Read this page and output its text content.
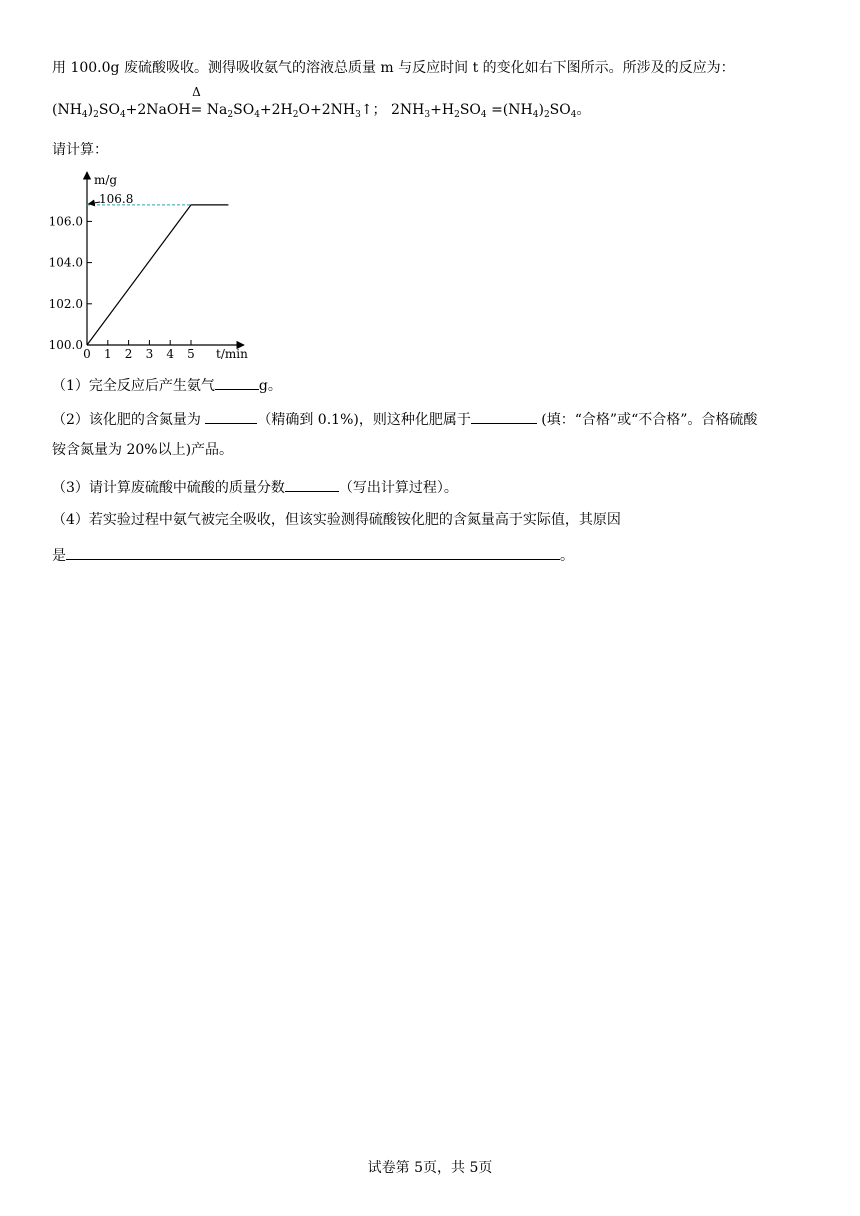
用 100.0g 废硫酸吸收。测得吸收氨气的溶液总质量 m 与反应时间 t 的变化如右下图所示。所涉及的反应为：
$(NH_4)_2SO_4+2NaOH$
Δ
= $Na_2SO_4+2H_2O+2NH_3↑$； $2NH_3+H_2SO_4 =(NH_4)_2SO_4$。
请计算：
m/g
t/min
0 1 2 3 4 5
100.0
102.0
104.0
106.0
106.8
（1）完全反应后产生氨气	g。
（2）该化肥的含氮量为	（精确到 0.1%)，则这种化肥属于	(填：“合格”或“不合格”。合格硫酸
铵含氮量为 20%以上)产品。
（3）请计算废硫酸中硫酸的质量分数	（写出计算过程）。
（4）若实验过程中氨气被完全吸收，但该实验测得硫酸铵化肥的含氮量高于实际值，其原因
是	。
试卷第 5页，共 5页
